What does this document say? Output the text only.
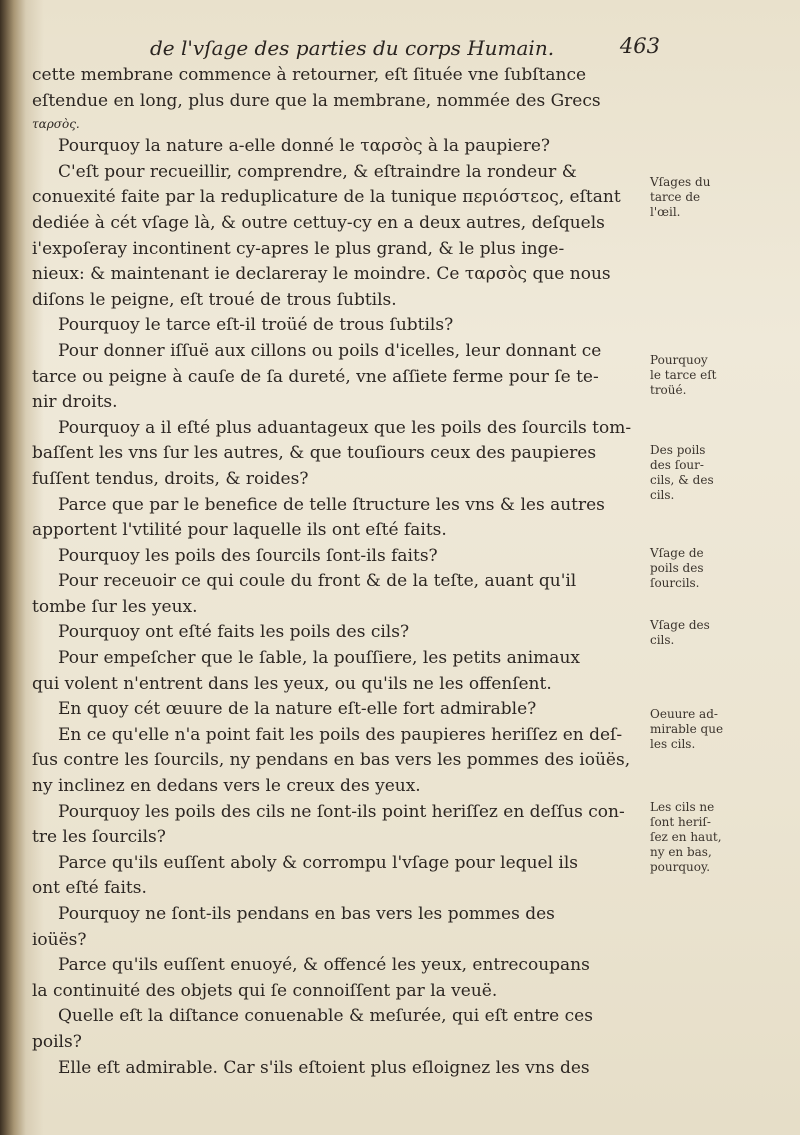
de l'vſage des parties du corps Humain.	463
cette membrane commence à retourner, eſt ſituée vne ſubſtance
eſtendue en long, plus dure que la membrane, nommée des Grecs
ταρσὸς.
Pourquoy la nature a-elle donné le ταρσὸς à la paupiere?
C'eſt pour recueillir, comprendre, & eſtraindre la rondeur &
conuexité faite par la reduplicature de la tunique περιόστεος, eſtant
dediée à cét vſage là, & outre cettuy-cy en a deux autres, deſquels
i'expoſeray incontinent cy-apres le plus grand, & le plus inge-
nieux: & maintenant ie declareray le moindre. Ce ταρσὸς que nous
diſons le peigne, eſt troué de trous ſubtils.
Pourquoy le tarce eſt-il troüé de trous ſubtils?
Pour donner iſſuë aux cillons ou poils d'icelles, leur donnant ce
tarce ou peigne à cauſe de ſa dureté, vne aſſiete ferme pour ſe te-
nir droits.
Pourquoy a il eſté plus aduantageux que les poils des ſourcils tom-
baſſent les vns ſur les autres, & que touſiours ceux des paupieres
fuſſent tendus, droits, & roides?
Parce que par le benefice de telle ſtructure les vns & les autres
apportent l'vtilité pour laquelle ils ont eſté faits.
Pourquoy les poils des ſourcils ſont-ils faits?
Pour receuoir ce qui coule du front & de la teſte, auant qu'il
tombe ſur les yeux.
Pourquoy ont eſté faits les poils des cils?
Pour empeſcher que le ſable, la pouſſiere, les petits animaux
qui volent n'entrent dans les yeux, ou qu'ils ne les offenſent.
En quoy cét œuure de la nature eſt-elle fort admirable?
En ce qu'elle n'a point fait les poils des paupieres heriſſez en deſ-
ſus contre les ſourcils, ny pendans en bas vers les pommes des ioüës,
ny inclinez en dedans vers le creux des yeux.
Pourquoy les poils des cils ne ſont-ils point heriſſez en deſſus con-
tre les ſourcils?
Parce qu'ils euſſent aboly & corrompu l'vſage pour lequel ils
ont eſté faits.
Pourquoy ne ſont-ils pendans en bas vers les pommes des
ioüës?
Parce qu'ils euſſent enuoyé, & offencé les yeux, entrecoupans
la continuité des objets qui ſe connoiſſent par la veuë.
Quelle eſt la diſtance conuenable & meſurée, qui eſt entre ces
poils?
Elle eſt admirable. Car s'ils eſtoient plus eſloignez les vns des
Vſages du
tarce de
l'œil.
Pourquoy
le tarce eſt
troüé.
Des poils
des ſour-
cils, & des
cils.
Vſage de
poils des
ſourcils.
Vſage des
cils.
Oeuure ad-
mirable que
les cils.
Les cils ne
ſont heriſ-
ſez en haut,
ny en bas,
pourquoy.
